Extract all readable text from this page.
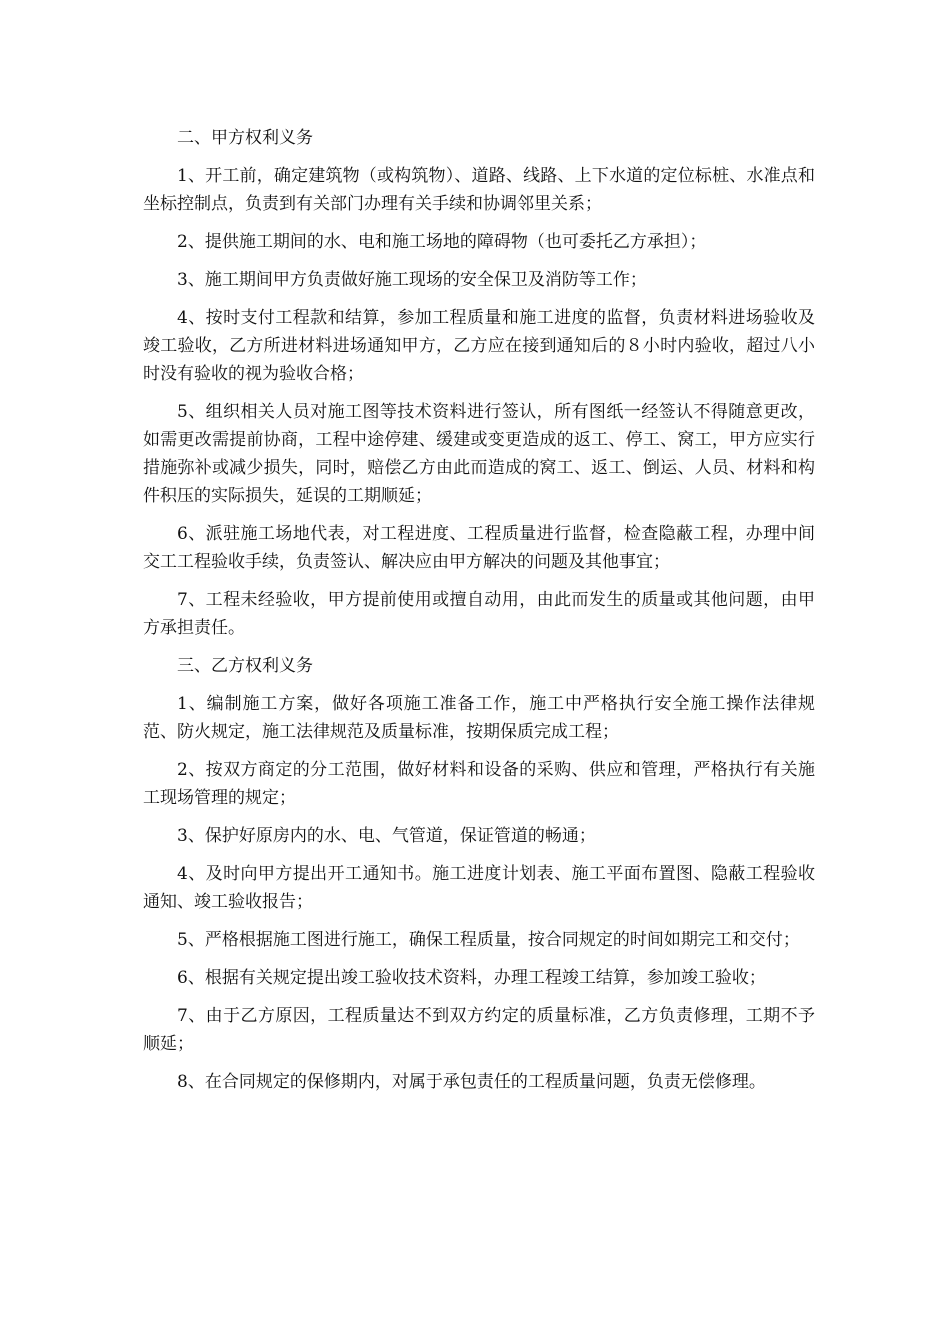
二、甲方权利义务

1、开工前，确定建筑物（或构筑物）、道路、线路、上下水道的定位标桩、水准点和坐标控制点，负责到有关部门办理有关手续和协调邻里关系；

2、提供施工期间的水、电和施工场地的障碍物（也可委托乙方承担）；

3、施工期间甲方负责做好施工现场的安全保卫及消防等工作；

4、按时支付工程款和结算，参加工程质量和施工进度的监督，负责材料进场验收及竣工验收，乙方所进材料进场通知甲方，乙方应在接到通知后的８小时内验收，超过八小时没有验收的视为验收合格；

5、组织相关人员对施工图等技术资料进行签认，所有图纸一经签认不得随意更改，如需更改需提前协商，工程中途停建、缓建或变更造成的返工、停工、窝工，甲方应实行措施弥补或减少损失，同时，赔偿乙方由此而造成的窝工、返工、倒运、人员、材料和构件积压的实际损失，延误的工期顺延；

6、派驻施工场地代表，对工程进度、工程质量进行监督，检查隐蔽工程，办理中间交工工程验收手续，负责签认、解决应由甲方解决的问题及其他事宜；

7、工程未经验收，甲方提前使用或擅自动用，由此而发生的质量或其他问题，由甲方承担责任。

三、乙方权利义务

1、编制施工方案，做好各项施工准备工作，施工中严格执行安全施工操作法律规范、防火规定，施工法律规范及质量标准，按期保质完成工程；

2、按双方商定的分工范围，做好材料和设备的采购、供应和管理，严格执行有关施工现场管理的规定；

3、保护好原房内的水、电、气管道，保证管道的畅通；

4、及时向甲方提出开工通知书。施工进度计划表、施工平面布置图、隐蔽工程验收通知、竣工验收报告；

5、严格根据施工图进行施工，确保工程质量，按合同规定的时间如期完工和交付；

6、根据有关规定提出竣工验收技术资料，办理工程竣工结算，参加竣工验收；

7、由于乙方原因，工程质量达不到双方约定的质量标准，乙方负责修理，工期不予顺延；

8、在合同规定的保修期内，对属于承包责任的工程质量问题，负责无偿修理。
